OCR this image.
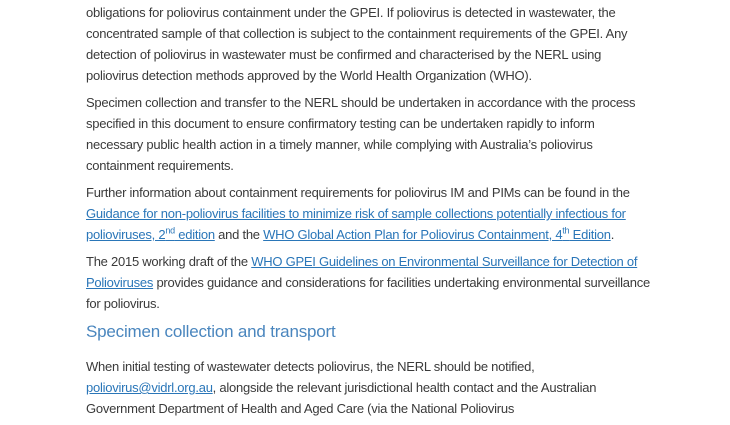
obligations for poliovirus containment under the GPEI. If poliovirus is detected in wastewater, the concentrated sample of that collection is subject to the containment requirements of the GPEI. Any detection of poliovirus in wastewater must be confirmed and characterised by the NERL using poliovirus detection methods approved by the World Health Organization (WHO).

Specimen collection and transfer to the NERL should be undertaken in accordance with the process specified in this document to ensure confirmatory testing can be undertaken rapidly to inform necessary public health action in a timely manner, while complying with Australia’s poliovirus containment requirements.

Further information about containment requirements for poliovirus IM and PIMs can be found in the Guidance for non-poliovirus facilities to minimize risk of sample collections potentially infectious for polioviruses, 2nd edition and the WHO Global Action Plan for Poliovirus Containment, 4th Edition.

The 2015 working draft of the WHO GPEI Guidelines on Environmental Surveillance for Detection of Polioviruses provides guidance and considerations for facilities undertaking environmental surveillance for poliovirus.

Specimen collection and transport

When initial testing of wastewater detects poliovirus, the NERL should be notified, poliovirus@vidrl.org.au, alongside the relevant jurisdictional health contact and the Australian Government Department of Health and Aged Care (via the National Poliovirus
